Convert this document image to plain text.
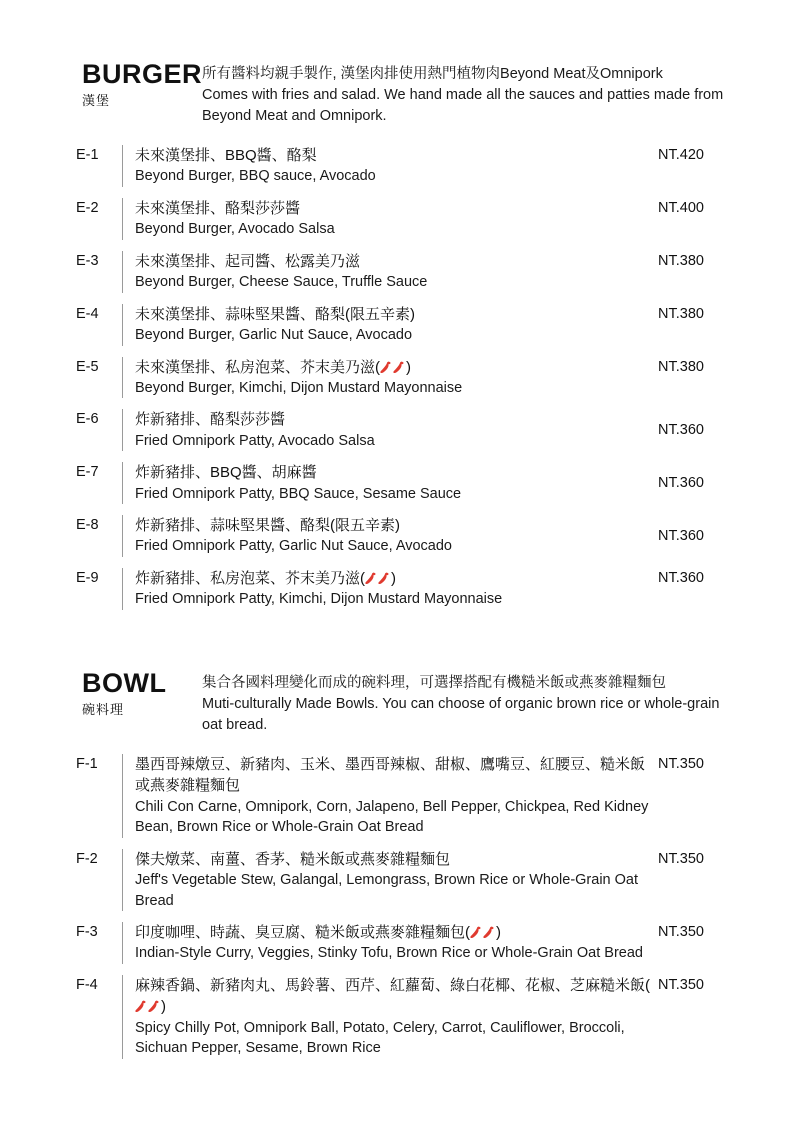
BURGER
漢堡
所有醬料均親手製作, 漢堡肉排使用熱門植物肉Beyond Meat及Omnipork
Comes with fries and salad. We hand made all the sauces and patties made from Beyond Meat and Omnipork.
E-1	未來漢堡排、BBQ醬、酪梨
Beyond Burger, BBQ sauce, Avocado
NT.420
E-2	未來漢堡排、酪梨莎莎醬
Beyond Burger, Avocado Salsa
NT.400
E-3	未來漢堡排、起司醬、松露美乃滋
Beyond Burger, Cheese Sauce, Truffle Sauce
NT.380
E-4	未來漢堡排、蒜味堅果醬、酪梨(限五辛素)
Beyond Burger, Garlic Nut Sauce, Avocado
NT.380
E-5	未來漢堡排、私房泡菜、芥末美乃滋( )
Beyond Burger, Kimchi, Dijon Mustard Mayonnaise
NT.380
E-6	炸新豬排、酪梨莎莎醬
Fried Omnipork Patty, Avocado Salsa
NT.360
E-7	炸新豬排、BBQ醬、胡麻醬
Fried Omnipork Patty, BBQ Sauce, Sesame Sauce
NT.360
E-8	炸新豬排、蒜味堅果醬、酪梨(限五辛素)
Fried Omnipork Patty, Garlic Nut Sauce, Avocado
NT.360
E-9	炸新豬排、私房泡菜、芥末美乃滋( )
Fried Omnipork Patty, Kimchi, Dijon Mustard Mayonnaise
NT.360
BOWL
碗料理
集合各國料理變化而成的碗料理，可選擇搭配有機糙米飯或燕麥雜糧麵包
Muti-culturally Made Bowls. You can choose of organic brown rice or whole-grain oat bread.
F-1	墨西哥辣燉豆、新豬肉、玉米、墨西哥辣椒、甜椒、鷹嘴豆、紅腰豆、糙米飯或燕麥雜糧麵包
Chili Con Carne, Omnipork, Corn, Jalapeno, Bell Pepper, Chickpea, Red Kidney Bean, Brown Rice or Whole-Grain Oat Bread
NT.350
F-2	傑夫燉菜、南薑、香茅、糙米飯或燕麥雜糧麵包
Jeff's Vegetable Stew, Galangal, Lemongrass, Brown Rice or Whole-Grain Oat Bread
NT.350
F-3	印度咖哩、時蔬、臭豆腐、糙米飯或燕麥雜糧麵包( )
Indian-Style Curry, Veggies, Stinky Tofu, Brown Rice or Whole-Grain Oat Bread
NT.350
F-4	麻辣香鍋、新豬肉丸、馬鈴薯、西芹、紅蘿蔔、綠白花椰、花椒、芝麻糙米飯()
Spicy Chilly Pot, Omnipork Ball, Potato, Celery, Carrot, Cauliflower, Broccoli, Sichuan Pepper, Sesame, Brown Rice
NT.350
